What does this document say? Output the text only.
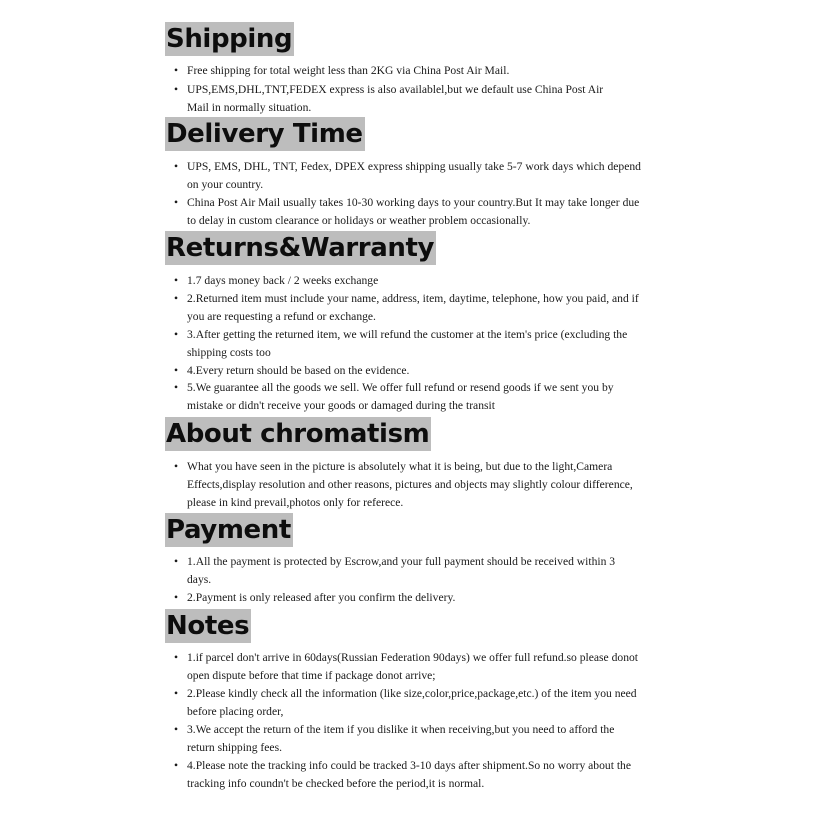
Shipping
• Free shipping for total weight less than 2KG via China Post Air Mail.
• UPS,EMS,DHL,TNT,FEDEX express is also availablel,but we default use China Post Air Mail in normally situation.
Delivery Time
• UPS, EMS, DHL, TNT, Fedex, DPEX express shipping usually take 5-7 work days which depend on your country.
• China Post Air Mail usually takes 10-30 working days to your country.But It may take longer due to delay in custom clearance or holidays or weather problem occasionally.
Returns&Warranty
• 1.7 days money back / 2 weeks exchange
• 2.Returned item must include your name, address, item, daytime, telephone, how you paid, and if you are requesting a refund or exchange.
• 3.After getting the returned item, we will refund the customer at the item's price (excluding the shipping costs too
• 4.Every return should be based on the evidence.
• 5.We guarantee all the goods we sell. We offer full refund or resend goods if we sent you by mistake or didn't receive your goods or damaged during the transit
About chromatism
• What you have seen in the picture is absolutely what it is being, but due to the light,Camera Effects,display resolution and other reasons, pictures and objects may slightly colour difference, please in kind prevail,photos only for referece.
Payment
• 1.All the payment is protected by Escrow,and your full payment should be received within 3 days.
• 2.Payment is only released after you confirm the delivery.
Notes
• 1.if parcel don't arrive in 60days(Russian Federation 90days) we offer full refund.so please donot open dispute before that time if package donot arrive;
• 2.Please kindly check all the information (like size,color,price,package,etc.) of the item you need before placing order,
• 3.We accept the return of the item if you dislike it when receiving,but you need to afford the return shipping fees.
• 4.Please note the tracking info could be tracked 3-10 days after shipment.So no worry about the tracking info coundn't be checked before the period,it is normal.
